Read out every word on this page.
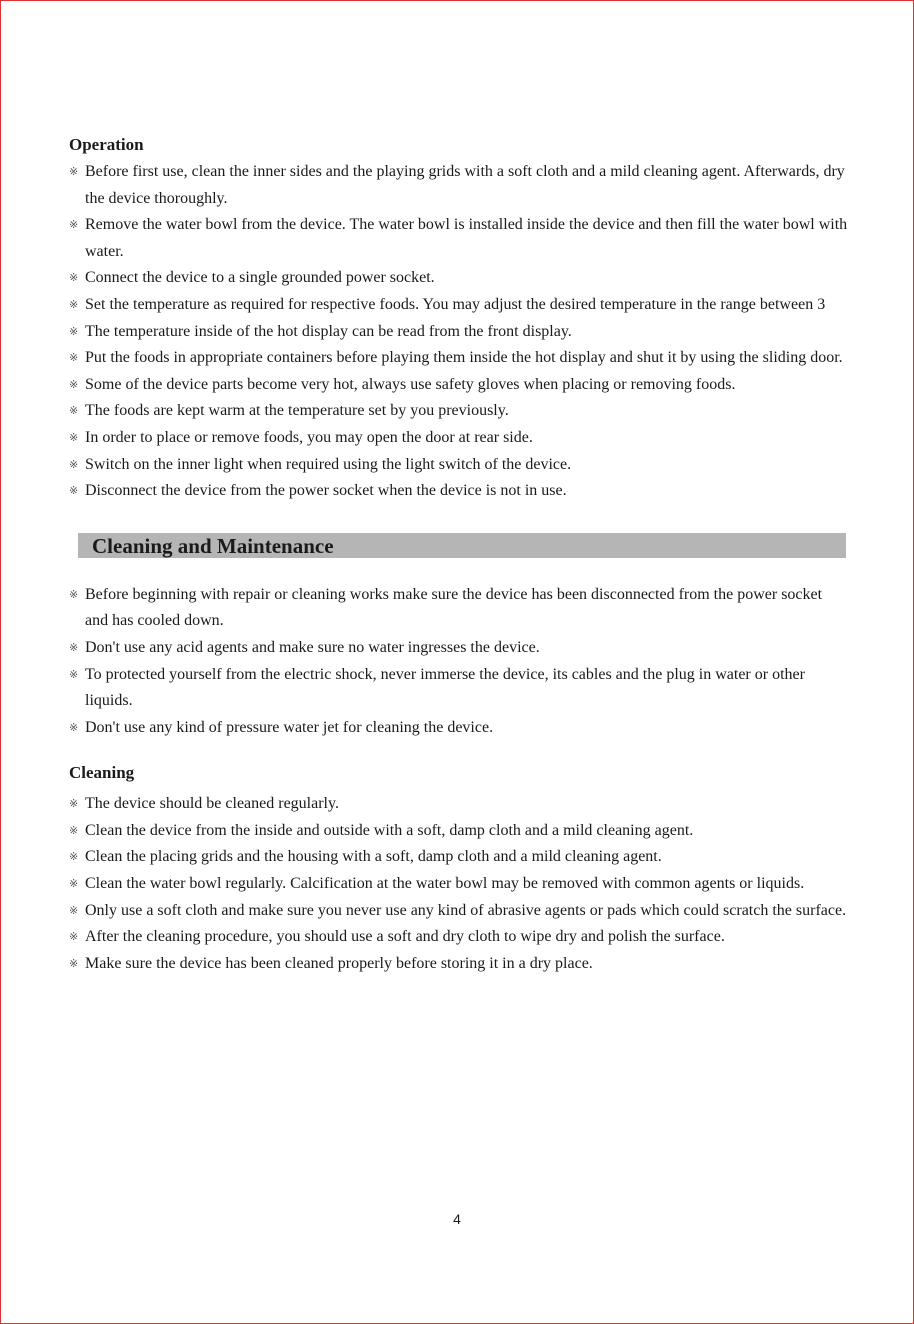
Operation
※ Before first use, clean the inner sides and the playing grids with a soft cloth and a mild cleaning agent. Afterwards, dry the device thoroughly.
※ Remove the water bowl from the device. The water bowl is installed inside the device and then fill the water bowl with water.
※ Connect the device to a single grounded power socket.
※ Set the temperature as required for respective foods. You may adjust the desired temperature in the range between 3
※ The temperature inside of the hot display can be read from the front display.
※ Put the foods in appropriate containers before playing them inside the hot display and shut it by using the sliding door.
※ Some of the device parts become very hot, always use safety gloves when placing or removing foods.
※ The foods are kept warm at the temperature set by you previously.
※ In order to place or remove foods, you may open the door at rear side.
※ Switch on the inner light when required using the light switch of the device.
※ Disconnect the device from the power socket when the device is not in use.
Cleaning and Maintenance
※ Before beginning with repair or cleaning works make sure the device has been disconnected from the power socket and has cooled down.
※ Don't use any acid agents and make sure no water ingresses the device.
※ To protected yourself from the electric shock, never immerse the device, its cables and the plug in water or other liquids.
※ Don't use any kind of pressure water jet for cleaning the device.
Cleaning
※ The device should be cleaned regularly.
※ Clean the device from the inside and outside with a soft, damp cloth and a mild cleaning agent.
※ Clean the placing grids and the housing with a soft, damp cloth and a mild cleaning agent.
※ Clean the water bowl regularly. Calcification at the water bowl may be removed with common agents or liquids.
※ Only use a soft cloth and make sure you never use any kind of abrasive agents or pads which could scratch the surface.
※ After the cleaning procedure, you should use a soft and dry cloth to wipe dry and polish the surface.
※ Make sure the device has been cleaned properly before storing it in a dry place.
4
